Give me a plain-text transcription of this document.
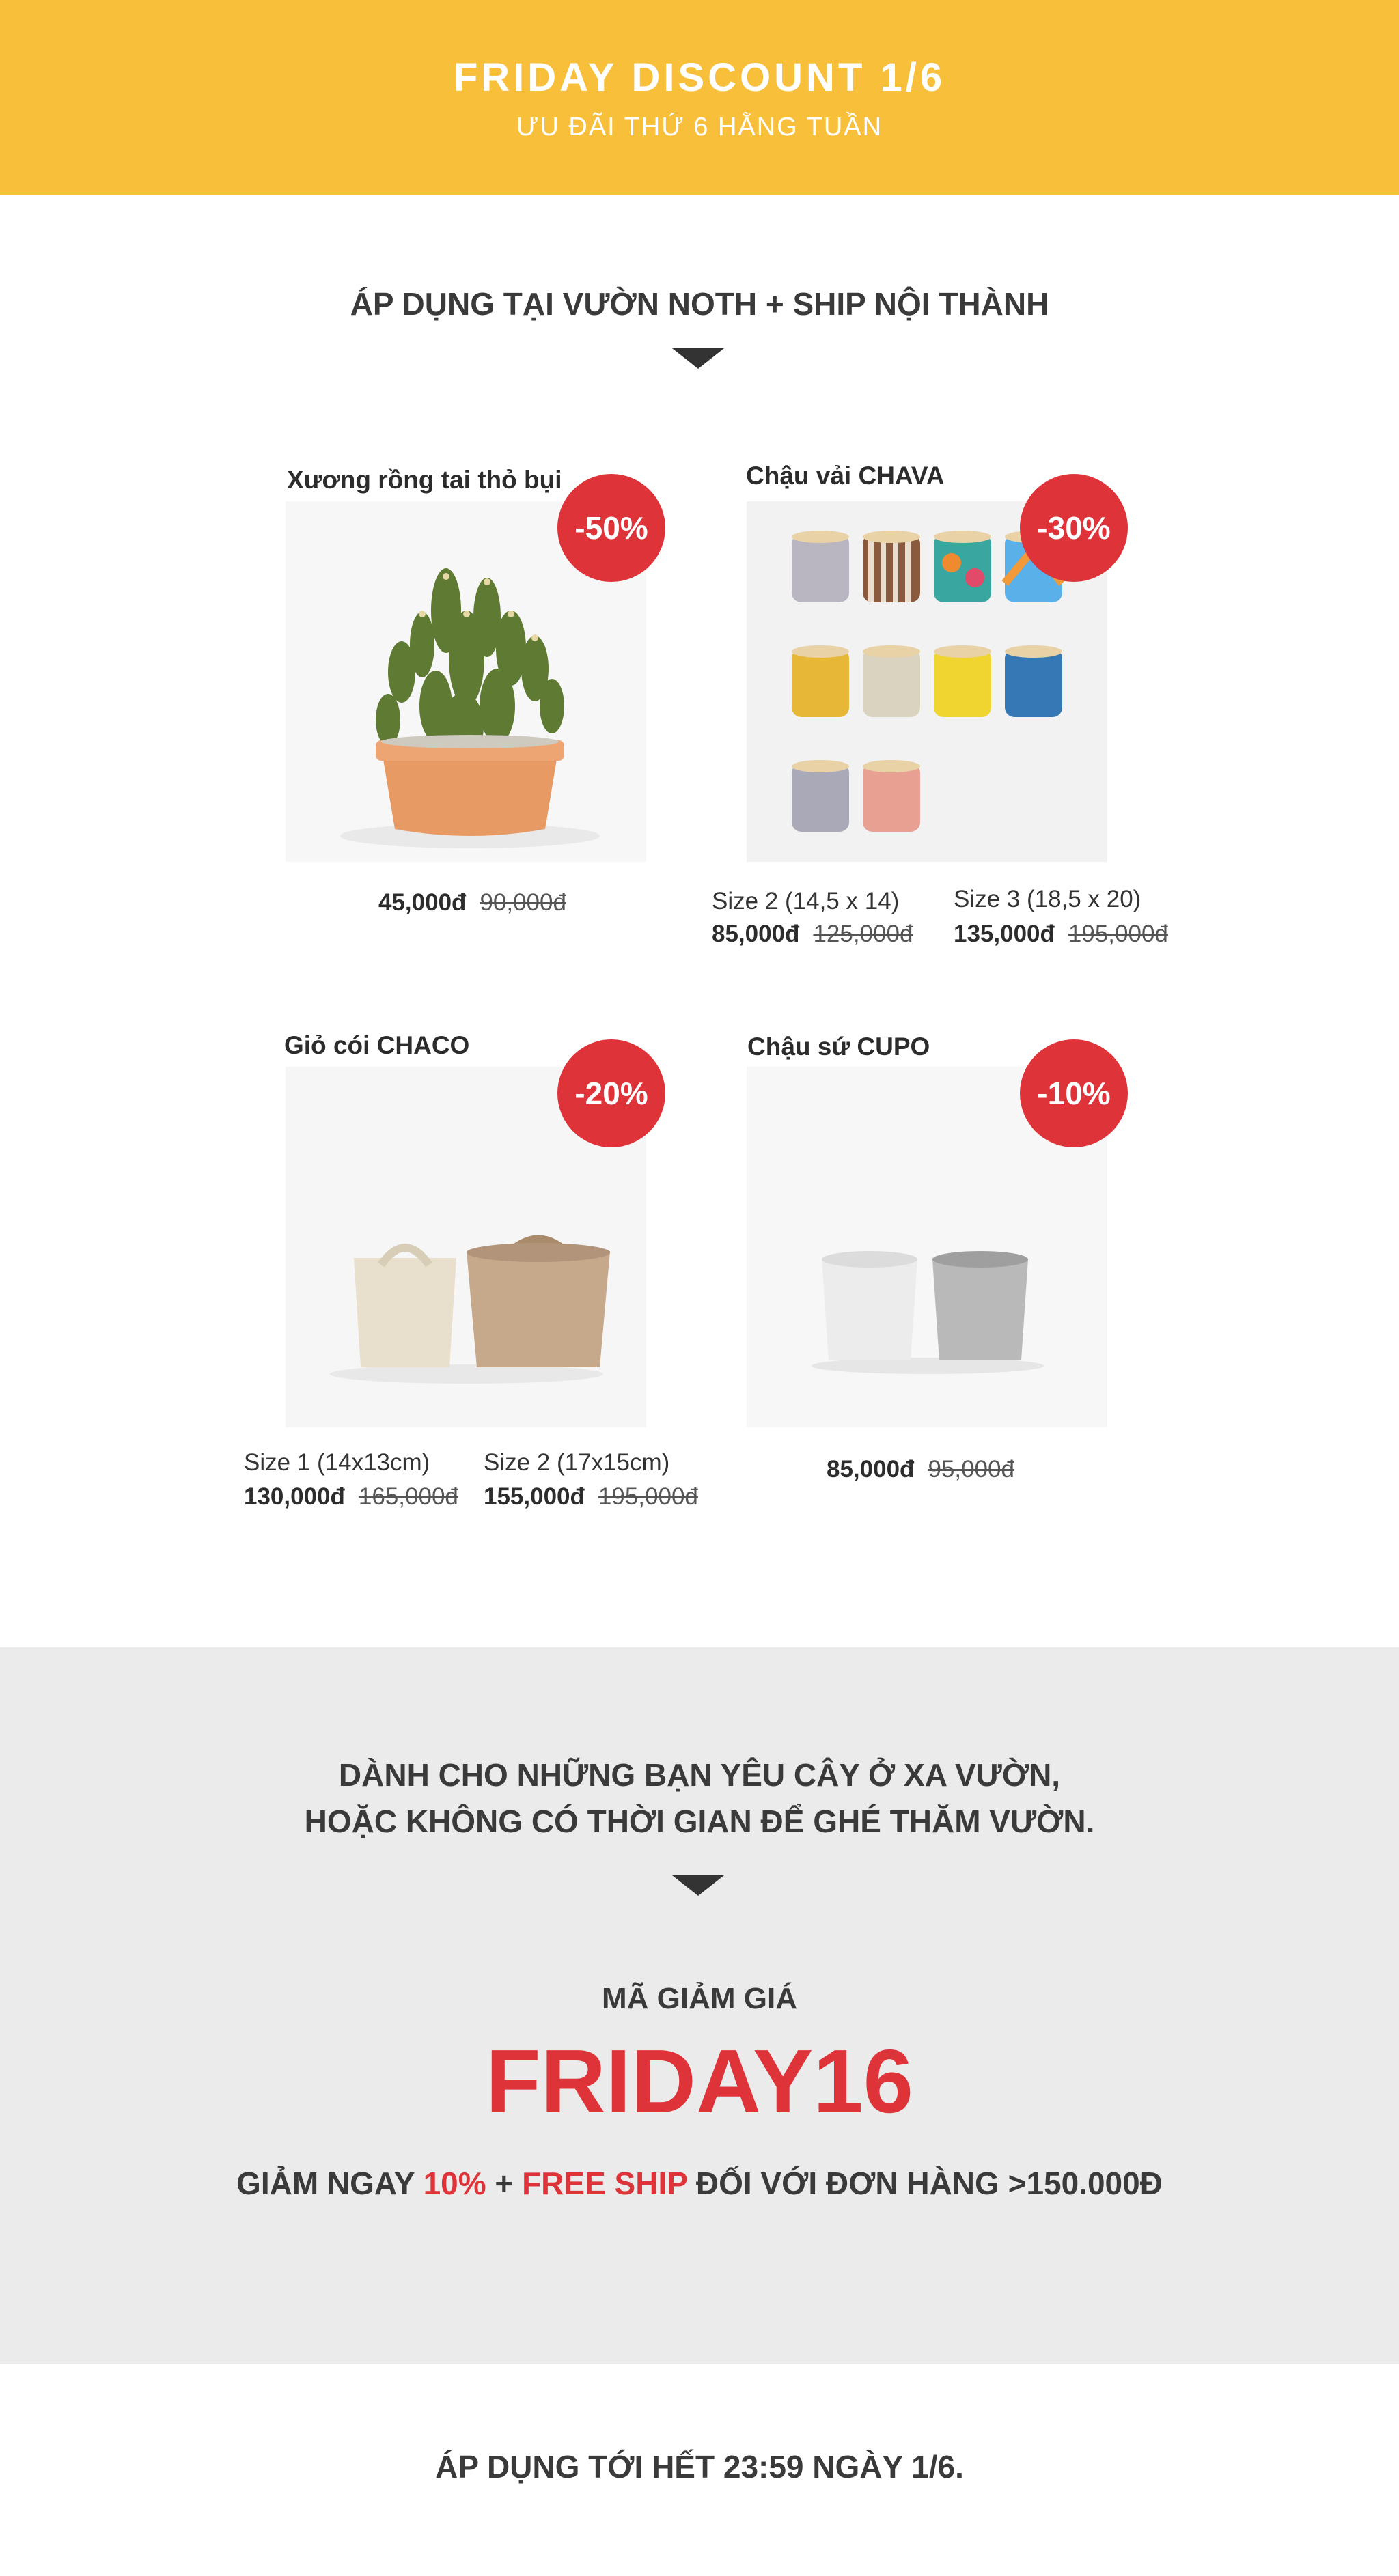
FRIDAY DISCOUNT 1/6
ƯU ĐÃI THỨ 6 HẰNG TUẦN
ÁP DỤNG TẠI VƯỜN NOTH + SHIP NỘI THÀNH
Xương rồng tai thỏ bụi
-50%
45,000đ 90,000đ
Chậu vải CHAVA
-30%
Size 2 (14,5 x 14)
85,000đ 125,000đ
Size 3 (18,5 x 20)
135,000đ 195,000đ
Giỏ cói CHACO
-20%
Size 1 (14x13cm)
130,000đ 165,000đ
Size 2 (17x15cm)
155,000đ 195,000đ
Chậu sứ CUPO
-10%
85,000đ 95,000đ
DÀNH CHO NHỮNG BẠN YÊU CÂY Ở XA VƯỜN,
HOẶC KHÔNG CÓ THỜI GIAN ĐỂ GHÉ THĂM VƯỜN.
MÃ GIẢM GIÁ
FRIDAY16
GIẢM NGAY 10% + FREE SHIP ĐỐI VỚI ĐƠN HÀNG >150.000Đ
ÁP DỤNG TỚI HẾT 23:59 NGÀY 1/6.
